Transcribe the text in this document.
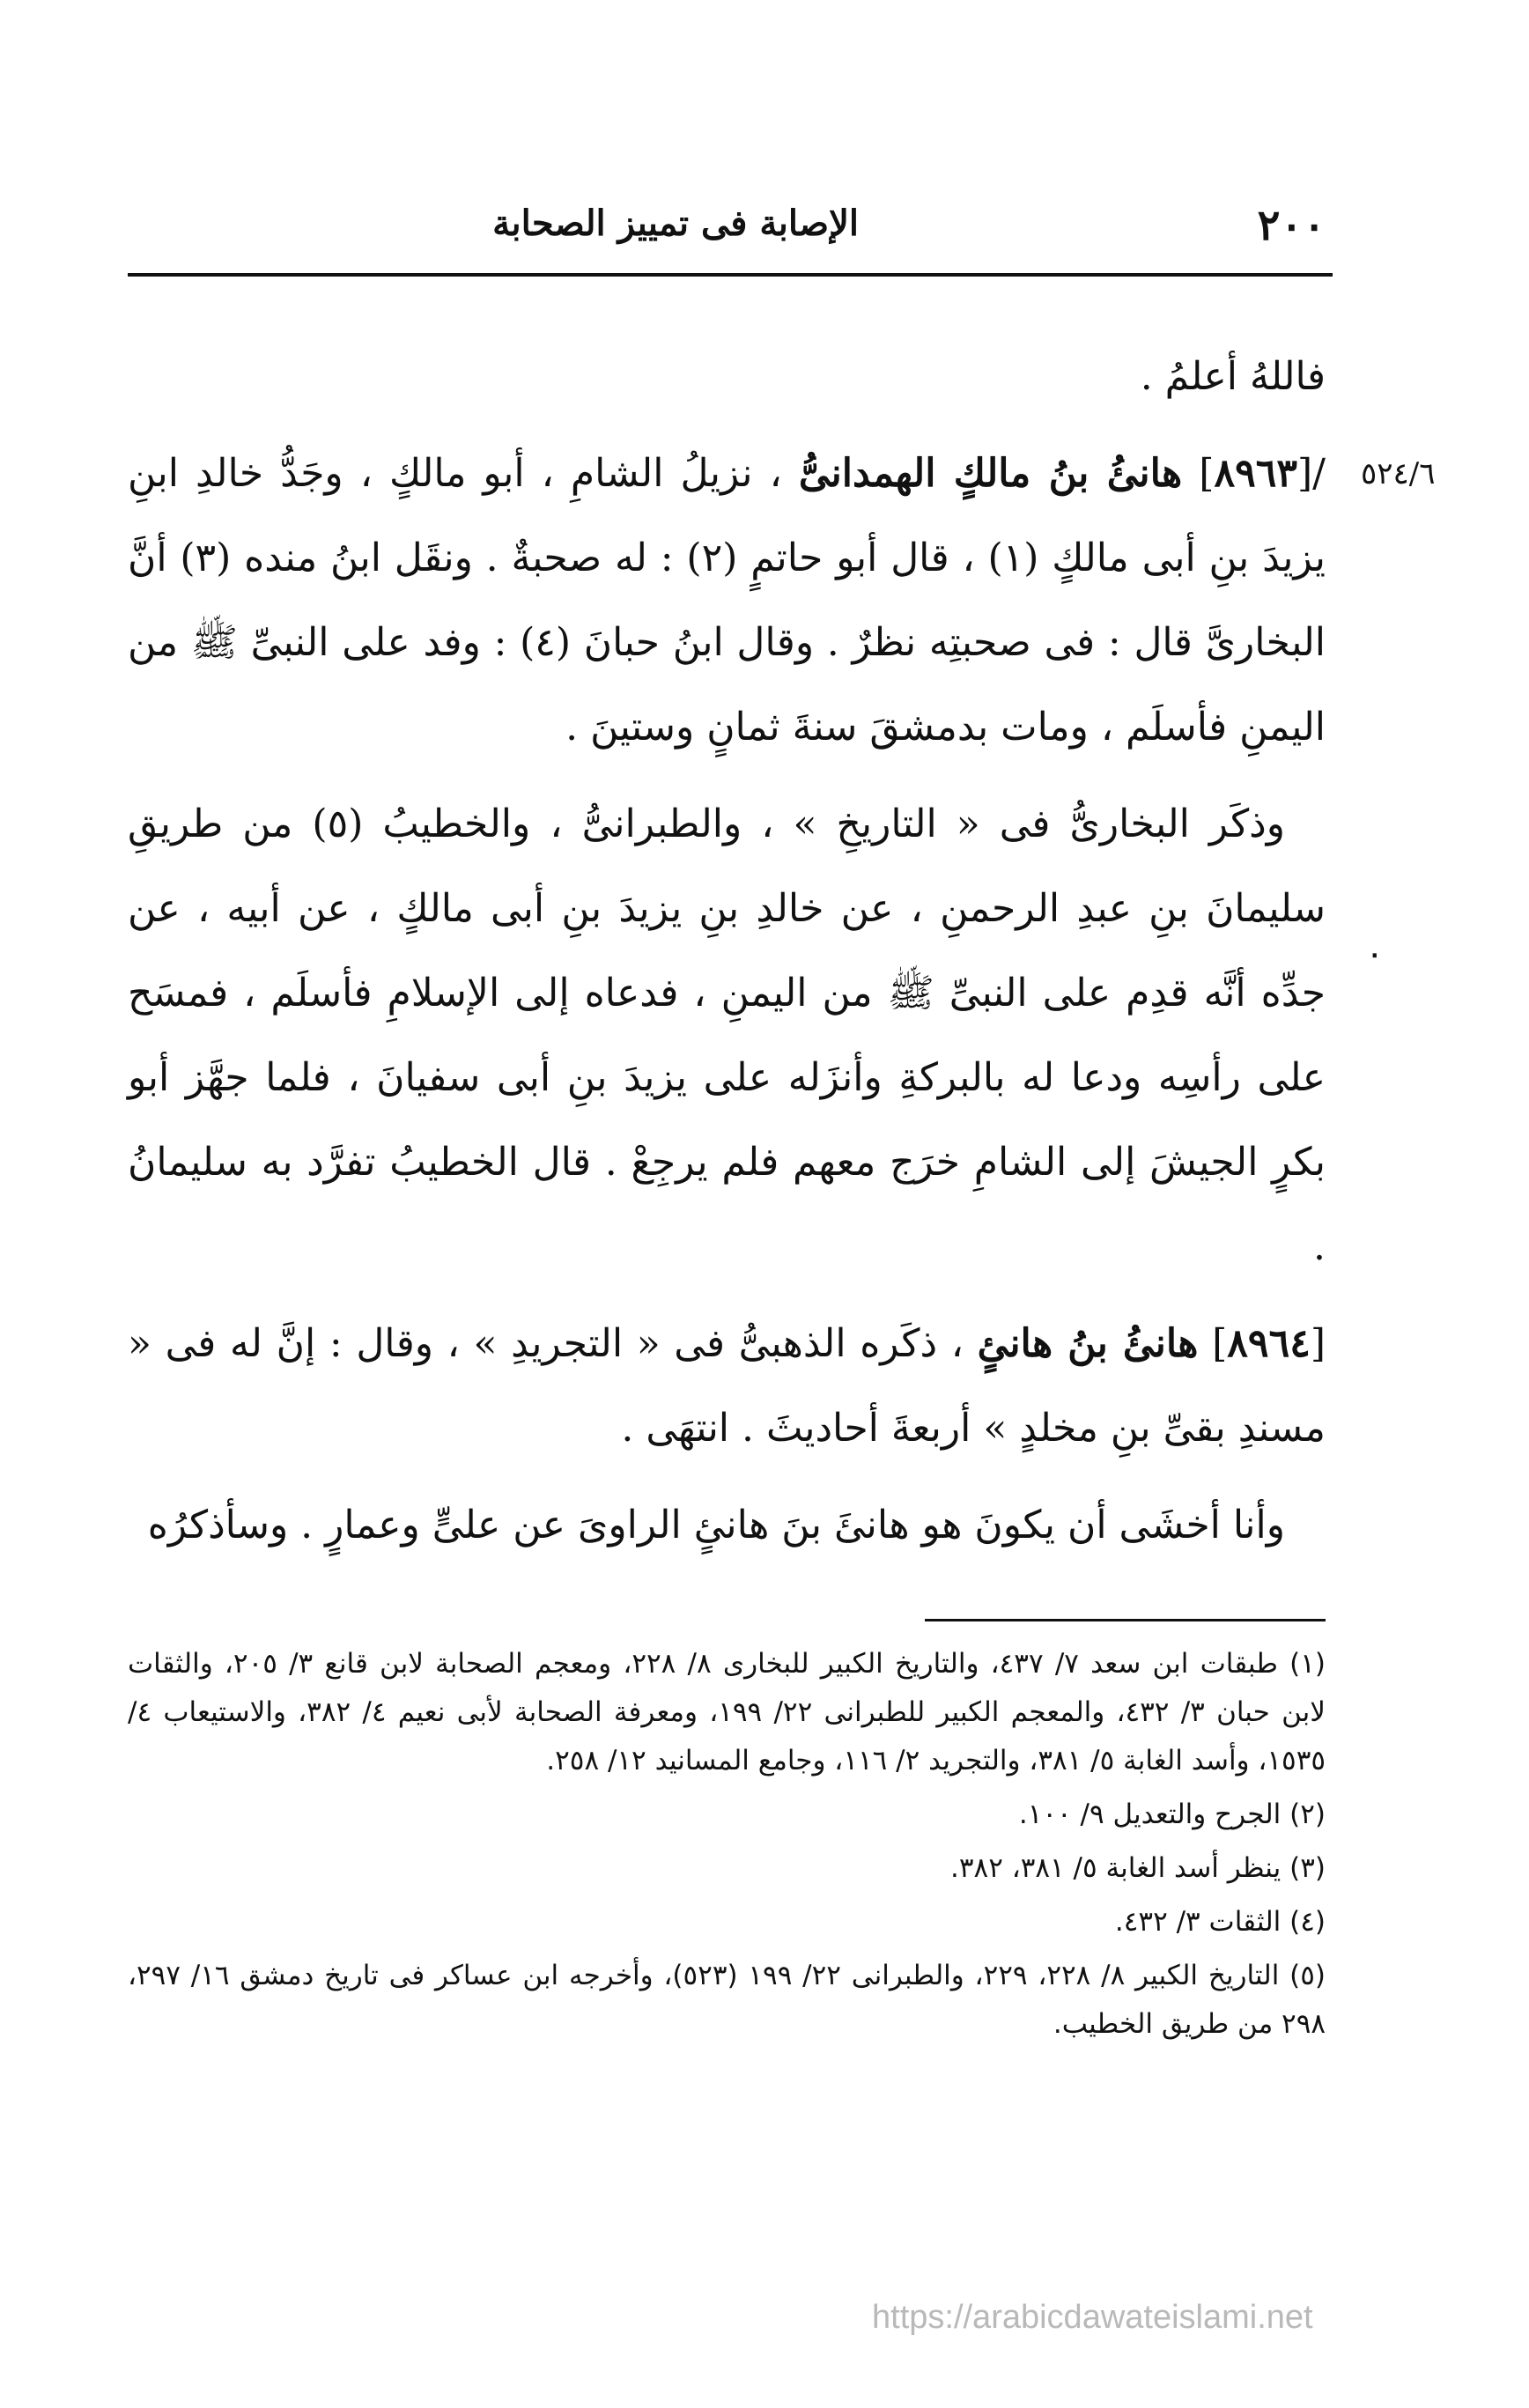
٢٠٠
الإصابة فى تمييز الصحابة
٥٢٤/٦
٠

فاللهُ أعلمُ .

/[٨٩٦٣] هانئُ بنُ مالكٍ الهمدانىُّ ، نزيلُ الشامِ ، أبو مالكٍ ، وجَدُّ خالدِ ابنِ يزيدَ بنِ أبى مالكٍ (١) ، قال أبو حاتمٍ (٢) : له صحبةٌ . ونقَل ابنُ منده (٣) أنَّ البخارىَّ قال : فى صحبتِه نظرٌ . وقال ابنُ حبانَ (٤) : وفد على النبىِّ ﷺ من اليمنِ فأسلَم ، ومات بدمشقَ سنةَ ثمانٍ وستينَ .

وذكَر البخارىُّ فى « التاريخِ » ، والطبرانىُّ ، والخطيبُ (٥) من طريقِ سليمانَ بنِ عبدِ الرحمنِ ، عن خالدِ بنِ يزيدَ بنِ أبى مالكٍ ، عن أبيه ، عن جدِّه أنَّه قدِم على النبىِّ ﷺ من اليمنِ ، فدعاه إلى الإسلامِ فأسلَم ، فمسَح على رأسِه ودعا له بالبركةِ وأنزَله على يزيدَ بنِ أبى سفيانَ ، فلما جهَّز أبو بكرٍ الجيشَ إلى الشامِ خرَج معهم فلم يرجِعْ . قال الخطيبُ تفرَّد به سليمانُ .

[٨٩٦٤] هانئُ بنُ هانئٍ ، ذكَره الذهبىُّ فى « التجريدِ » ، وقال : إنَّ له فى « مسندِ بقىِّ بنِ مخلدٍ » أربعةَ أحاديثَ . انتهَى .

وأنا أخشَى أن يكونَ هو هانئَ بنَ هانئٍ الراوىَ عن علىٍّ وعمارٍ . وسأذكرُه

(١) طبقات ابن سعد ٧/ ٤٣٧، والتاريخ الكبير للبخارى ٨/ ٢٢٨، ومعجم الصحابة لابن قانع ٣/ ٢٠٥، والثقات لابن حبان ٣/ ٤٣٢، والمعجم الكبير للطبرانى ٢٢/ ١٩٩، ومعرفة الصحابة لأبى نعيم ٤/ ٣٨٢، والاستيعاب ٤/ ١٥٣٥، وأسد الغابة ٥/ ٣٨١، والتجريد ٢/ ١١٦، وجامع المسانيد ١٢/ ٢٥٨.

(٢) الجرح والتعديل ٩/ ١٠٠.

(٣) ينظر أسد الغابة ٥/ ٣٨١، ٣٨٢.

(٤) الثقات ٣/ ٤٣٢.

(٥) التاريخ الكبير ٨/ ٢٢٨، ٢٢٩، والطبرانى ٢٢/ ١٩٩ (٥٢٣)، وأخرجه ابن عساكر فى تاريخ دمشق ١٦/ ٢٩٧، ٢٩٨ من طريق الخطيب.

https://arabicdawateislami.net
